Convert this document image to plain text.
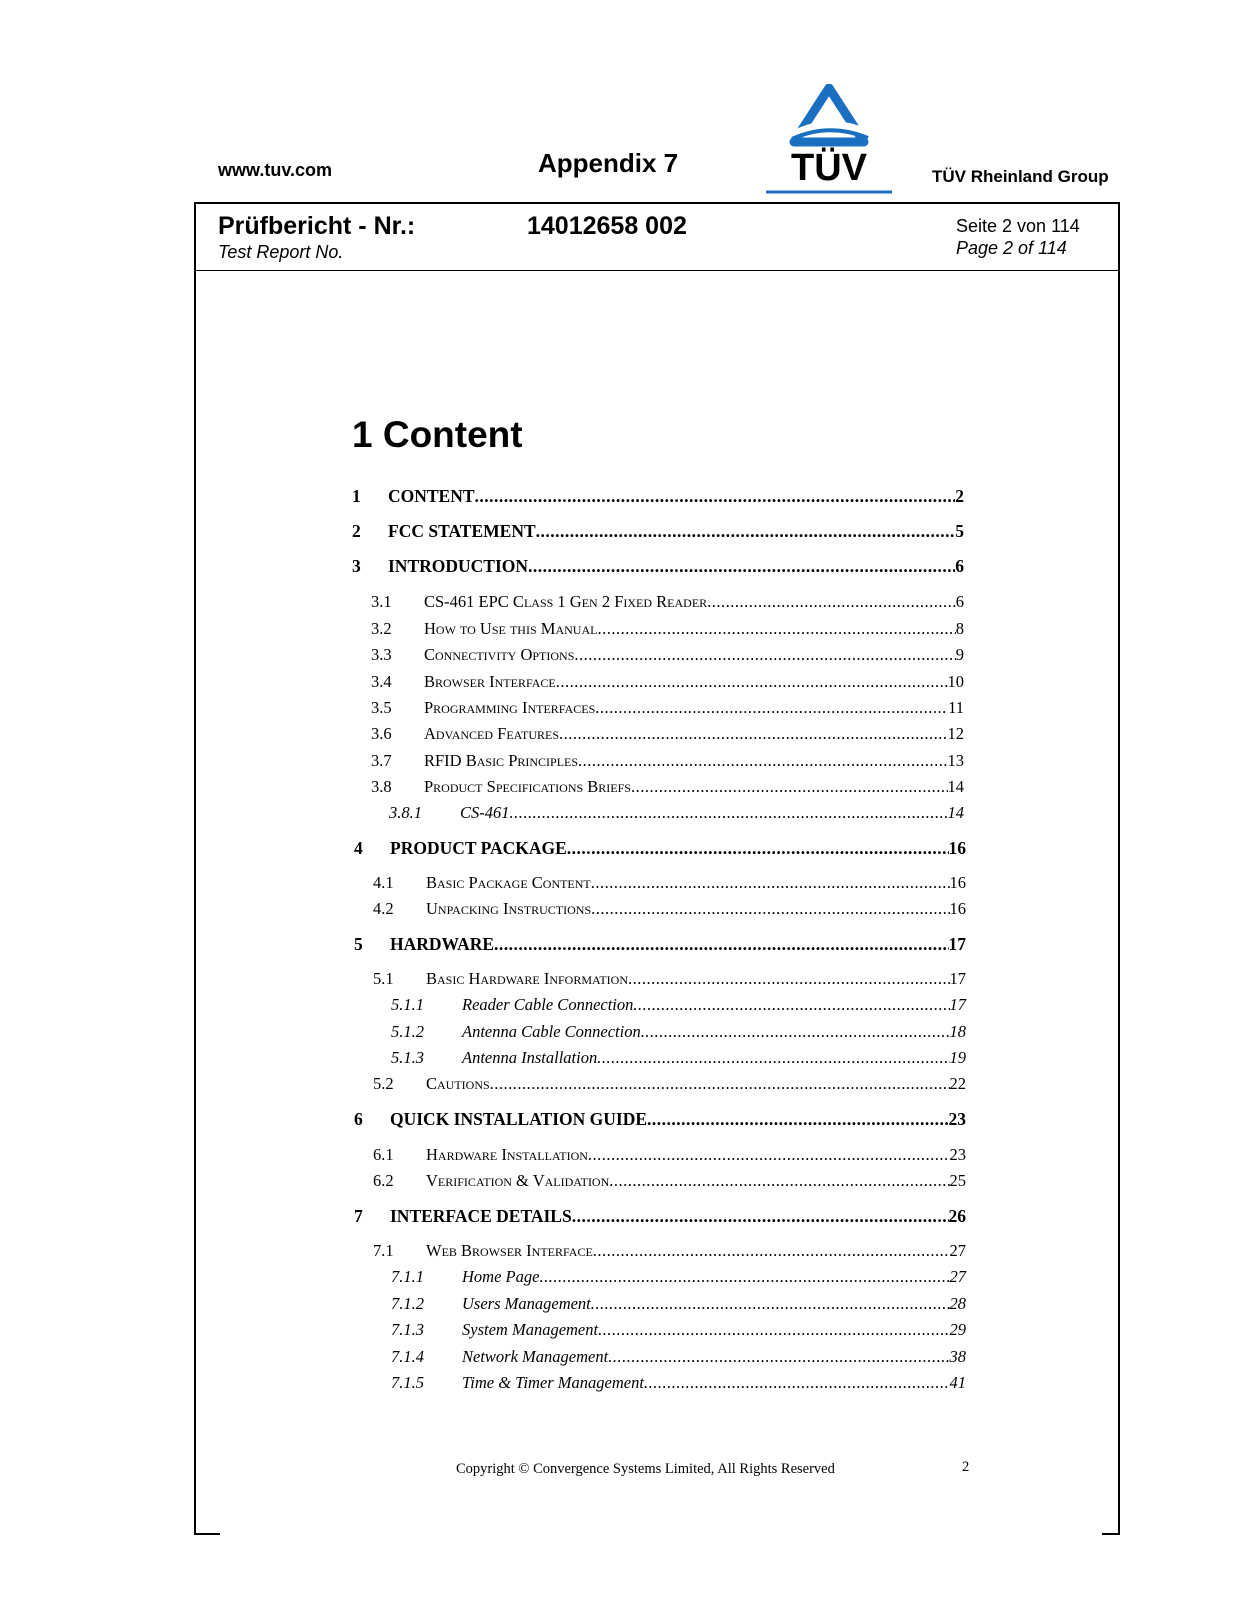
www.tuv.com	Appendix 7	TÜV	TÜV Rheinland Group
Prüfbericht - Nr.:
Test Report No.
14012658 002	Seite 2 von 114
Page 2 of 114
1 Content
1	CONTENT .....	2
2	FCC STATEMENT .....	5
3	INTRODUCTION .....	6
3.1	CS-461 EPC Class 1 Gen 2 Fixed Reader .....	6
3.2	How to Use this Manual .....	8
3.3	Connectivity Options .....	9
3.4	Browser Interface .....	10
3.5	Programming Interfaces .....	11
3.6	Advanced Features .....	12
3.7	RFID Basic Principles .....	13
3.8	Product Specifications Briefs .....	14
3.8.1	CS-461 .....	14
4	PRODUCT PACKAGE .....	16
4.1	Basic Package Content .....	16
4.2	Unpacking Instructions .....	16
5	HARDWARE .....	17
5.1	Basic Hardware Information .....	17
5.1.1	Reader Cable Connection .....	17
5.1.2	Antenna Cable Connection .....	18
5.1.3	Antenna Installation .....	19
5.2	Cautions .....	22
6	QUICK INSTALLATION GUIDE .....	23
6.1	Hardware Installation .....	23
6.2	Verification & Validation .....	25
7	INTERFACE DETAILS .....	26
7.1	Web Browser Interface .....	27
7.1.1	Home Page .....	27
7.1.2	Users Management .....	28
7.1.3	System Management .....	29
7.1.4	Network Management .....	38
7.1.5	Time & Timer Management .....	41
Copyright © Convergence Systems Limited, All Rights Reserved	2
